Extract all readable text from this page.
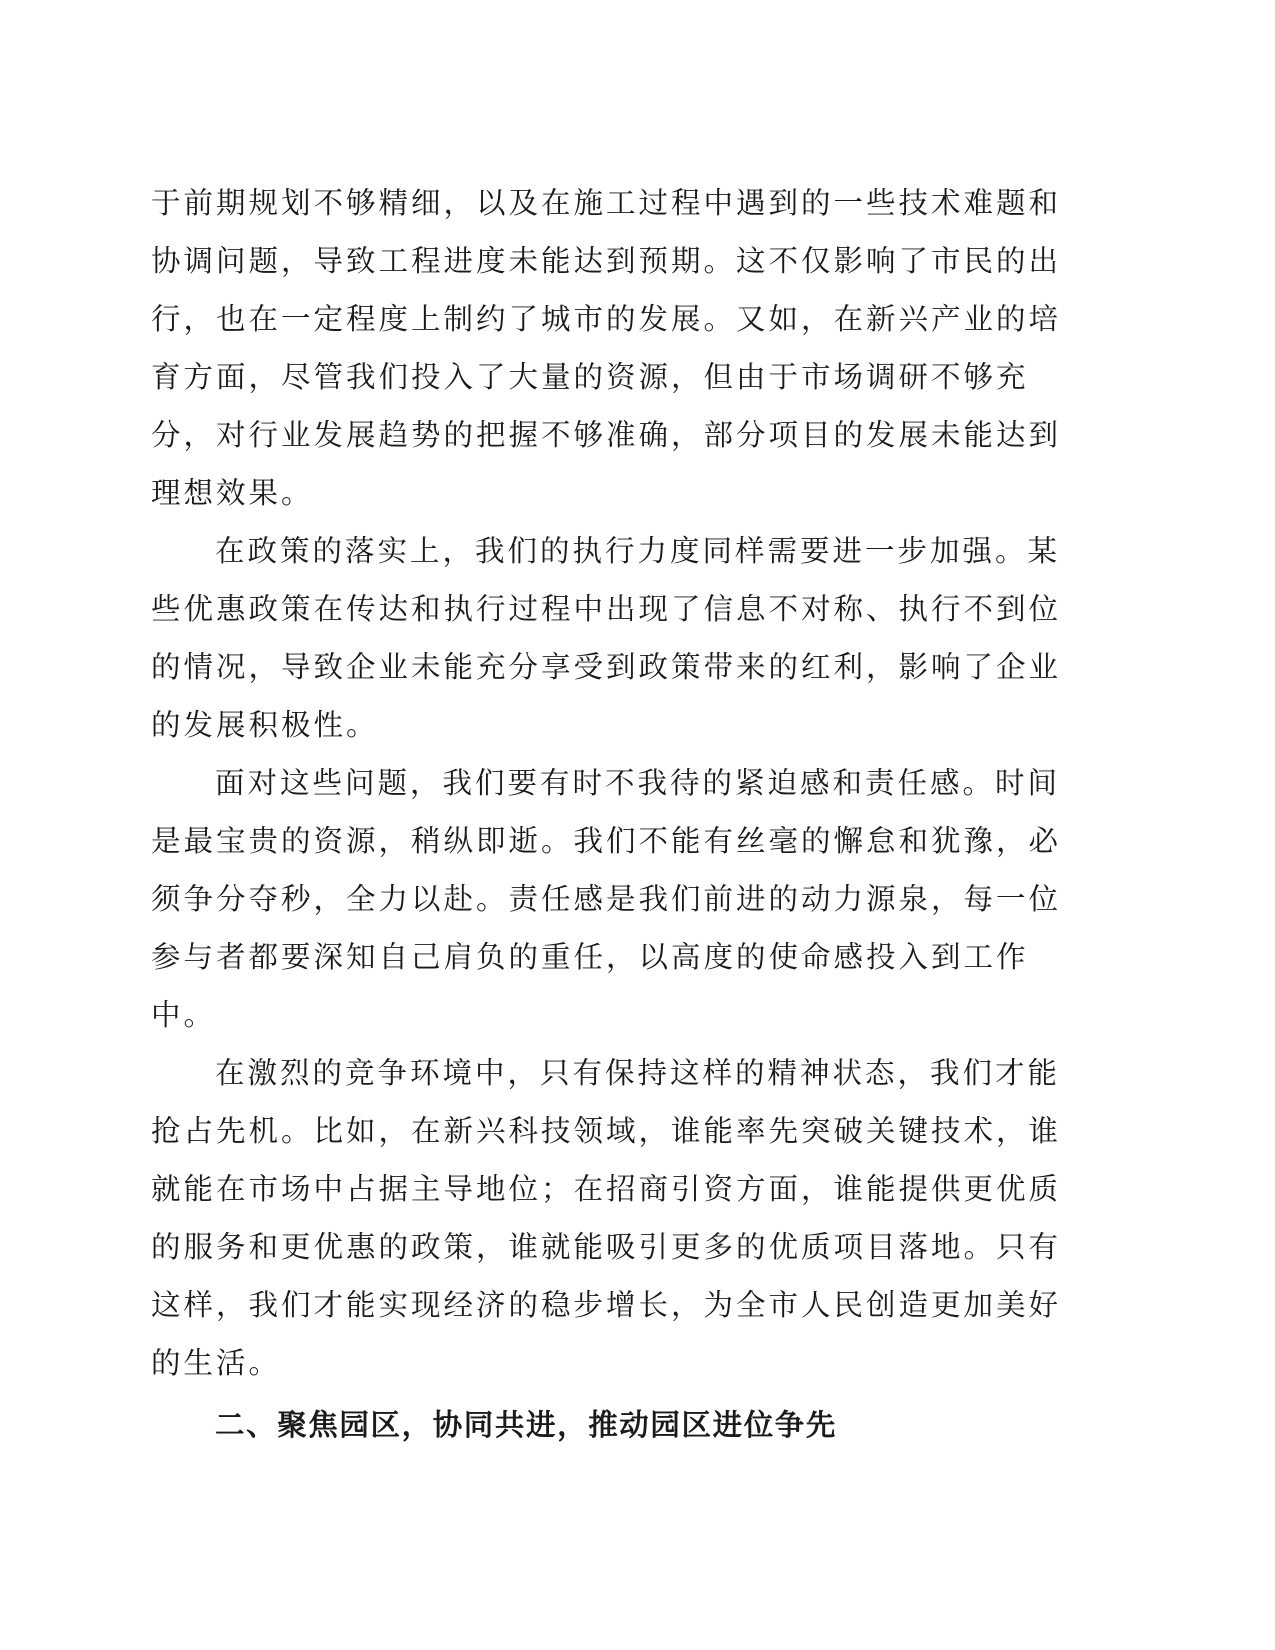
于前期规划不够精细，以及在施工过程中遇到的一些技术难题和
协调问题，导致工程进度未能达到预期。这不仅影响了市民的出
行，也在一定程度上制约了城市的发展。又如，在新兴产业的培
育方面，尽管我们投入了大量的资源，但由于市场调研不够充
分，对行业发展趋势的把握不够准确，部分项目的发展未能达到
理想效果。
在政策的落实上，我们的执行力度同样需要进一步加强。某
些优惠政策在传达和执行过程中出现了信息不对称、执行不到位
的情况，导致企业未能充分享受到政策带来的红利，影响了企业
的发展积极性。
面对这些问题，我们要有时不我待的紧迫感和责任感。时间
是最宝贵的资源，稍纵即逝。我们不能有丝毫的懈怠和犹豫，必
须争分夺秒，全力以赴。责任感是我们前进的动力源泉，每一位
参与者都要深知自己肩负的重任，以高度的使命感投入到工作
中。
在激烈的竞争环境中，只有保持这样的精神状态，我们才能
抢占先机。比如，在新兴科技领域，谁能率先突破关键技术，谁
就能在市场中占据主导地位；在招商引资方面，谁能提供更优质
的服务和更优惠的政策，谁就能吸引更多的优质项目落地。只有
这样，我们才能实现经济的稳步增长，为全市人民创造更加美好
的生活。
二、聚焦园区，协同共进，推动园区进位争先
